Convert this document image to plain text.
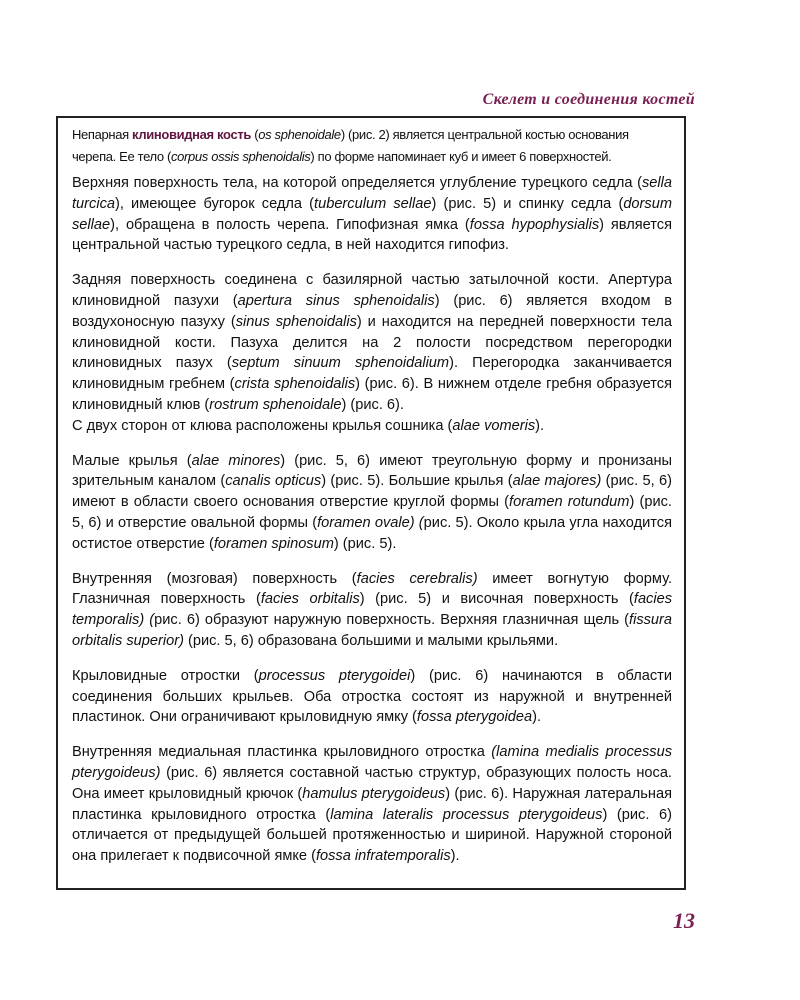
Скелет и соединения костей
Непарная клиновидная кость (os sphenoidale) (рис. 2) является центральной костью основания черепа. Ее тело (corpus ossis sphenoidalis) по форме напоминает куб и имеет 6 поверхностей.

Верхняя поверхность тела, на которой определяется углубление турецкого седла (sella turcica), имеющее бугорок седла (tuberculum sellae) (рис. 5) и спинку седла (dorsum sellae), обращена в полость черепа. Гипофизная ямка (fossa hypophysialis) является центральной частью турецкого седла, в ней находится гипофиз.

Задняя поверхность соединена с базилярной частью затылочной кости. Апертура клиновидной пазухи (apertura sinus sphenoidalis) (рис. 6) является входом в воздухоносную пазуху (sinus sphenoidalis) и находится на передней поверхности тела клиновидной кости. Пазуха делится на 2 полости посредством перегородки клиновидных пазух (septum sinuum sphenoidalium). Перегородка заканчивается клиновидным гребнем (crista sphenoidalis) (рис. 6). В нижнем отделе гребня образуется клиновидный клюв (rostrum sphenoidale) (рис. 6).
С двух сторон от клюва расположены крылья сошника (alae vomeris).

Малые крылья (alae minores) (рис. 5, 6) имеют треугольную форму и пронизаны зрительным каналом (canalis opticus) (рис. 5). Большие крылья (alae majores) (рис. 5, 6) имеют в области своего основания отверстие круглой формы (foramen rotundum) (рис. 5, 6) и отверстие овальной формы (foramen ovale) (рис. 5). Около крыла угла находится остистое отверстие (foramen spinosum) (рис. 5).

Внутренняя (мозговая) поверхность (facies cerebralis) имеет вогнутую форму. Глазничная поверхность (facies orbitalis) (рис. 5) и височная поверхность (facies temporalis) (рис. 6) образуют наружную поверхность. Верхняя глазничная щель (fissura orbitalis superior) (рис. 5, 6) образована большими и малыми крыльями.

Крыловидные отростки (processus pterygoidei) (рис. 6) начинаются в области соединения больших крыльев. Оба отростка состоят из наружной и внутренней пластинок. Они ограничивают крыловидную ямку (fossa pterygoidea).

Внутренняя медиальная пластинка крыловидного отростка (lamina medialis processus pterygoideus) (рис. 6) является составной частью структур, образующих полость носа. Она имеет крыловидный крючок (hamulus pterygoideus) (рис. 6). Наружная латеральная пластинка крыловидного отростка (lamina lateralis processus pterygoideus) (рис. 6) отличается от предыдущей большей протяженностью и шириной. Наружной стороной она прилегает к подвисочной ямке (fossa infratemporalis).

13
